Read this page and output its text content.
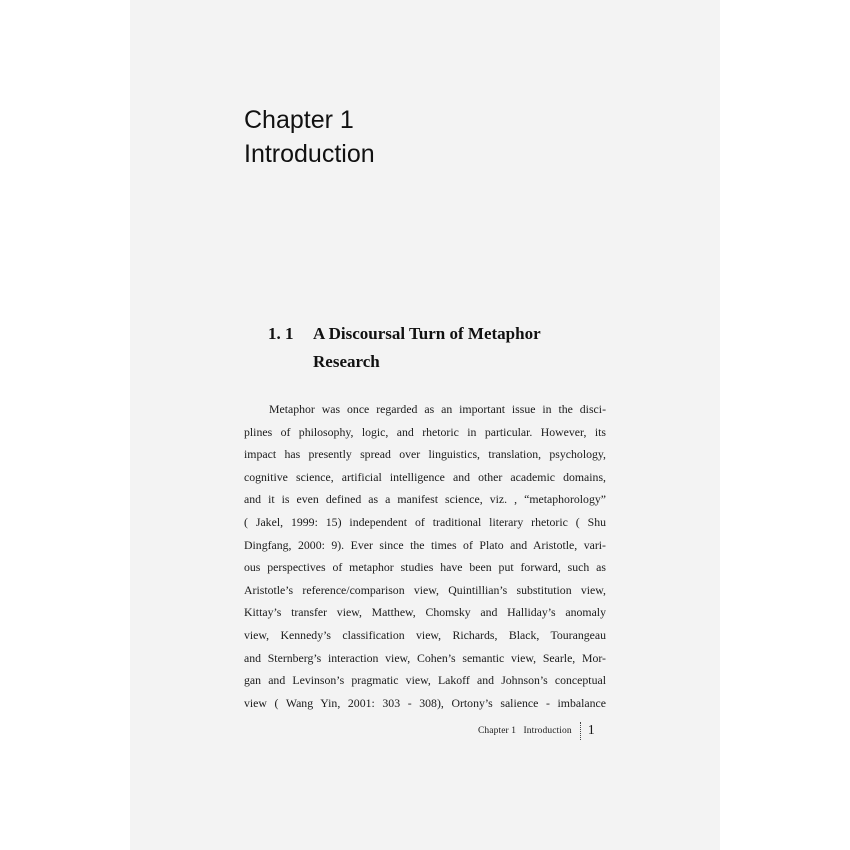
Chapter 1
Introduction
1. 1 A Discoursal Turn of Metaphor
Research
Metaphor was once regarded as an important issue in the disci-
plines of philosophy, logic, and rhetoric in particular. However, its
impact has presently spread over linguistics, translation, psychology,
cognitive science, artificial intelligence and other academic domains,
and it is even defined as a manifest science, viz. , “metaphorology”
( Jakel, 1999: 15) independent of traditional literary rhetoric ( Shu
Dingfang, 2000: 9). Ever since the times of Plato and Aristotle, vari-
ous perspectives of metaphor studies have been put forward, such as
Aristotle’s reference/comparison view, Quintillian’s substitution view,
Kittay’s transfer view, Matthew, Chomsky and Halliday’s anomaly
view, Kennedy’s classification view, Richards, Black, Tourangeau
and Sternberg’s interaction view, Cohen’s semantic view, Searle, Mor-
gan and Levinson’s pragmatic view, Lakoff and Johnson’s conceptual
view ( Wang Yin, 2001: 303 - 308), Ortony’s salience - imbalance
Chapter 1   Introduction 1
